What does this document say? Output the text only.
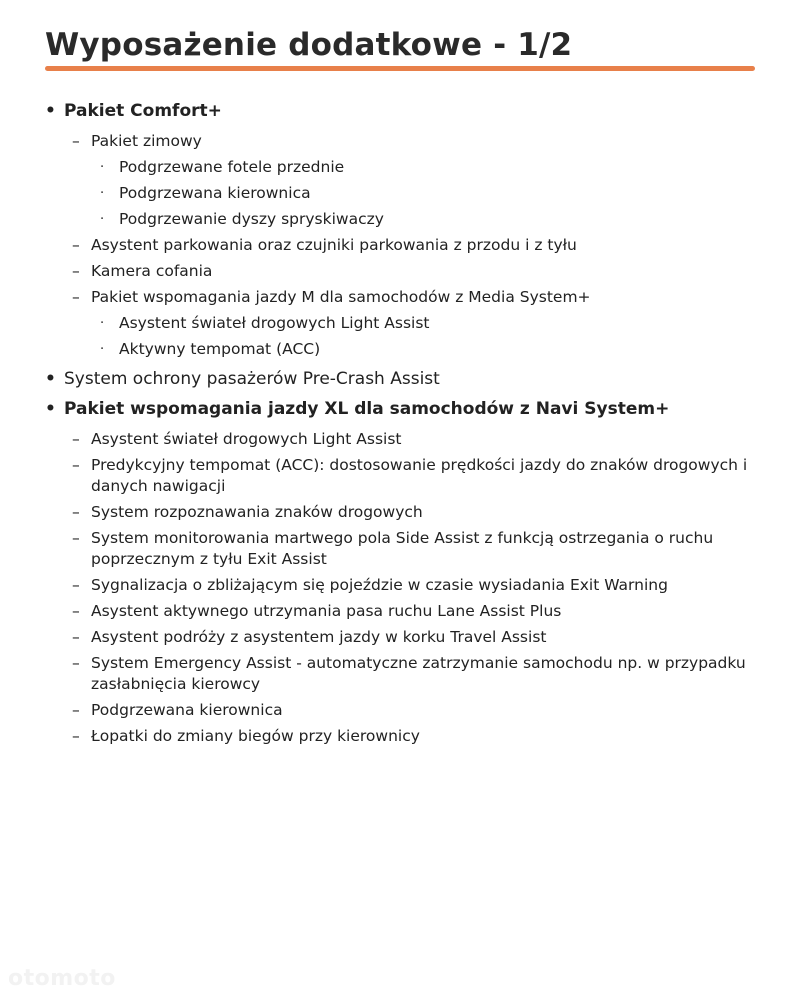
Wyposażenie dodatkowe - 1/2
• Pakiet Comfort+
– Pakiet zimowy
· Podgrzewane fotele przednie
· Podgrzewana kierownica
· Podgrzewanie dyszy spryskiwaczy
– Asystent parkowania oraz czujniki parkowania z przodu i z tyłu
– Kamera cofania
– Pakiet wspomagania jazdy M dla samochodów z Media System+
· Asystent świateł drogowych Light Assist
· Aktywny tempomat (ACC)
• System ochrony pasażerów Pre-Crash Assist
• Pakiet wspomagania jazdy XL dla samochodów z Navi System+
– Asystent świateł drogowych Light Assist
– Predykcyjny tempomat (ACC): dostosowanie prędkości jazdy do znaków drogowych i danych nawigacji
– System rozpoznawania znaków drogowych
– System monitorowania martwego pola Side Assist z funkcją ostrzegania o ruchu poprzecznym z tyłu Exit Assist
– Sygnalizacja o zbliżającym się pojeździe w czasie wysiadania Exit Warning
– Asystent aktywnego utrzymania pasa ruchu Lane Assist Plus
– Asystent podróży z asystentem jazdy w korku Travel Assist
– System Emergency Assist - automatyczne zatrzymanie samochodu np. w przypadku zasłabnięcia kierowcy
– Podgrzewana kierownica
– Łopatki do zmiany biegów przy kierownicy
otomoto
